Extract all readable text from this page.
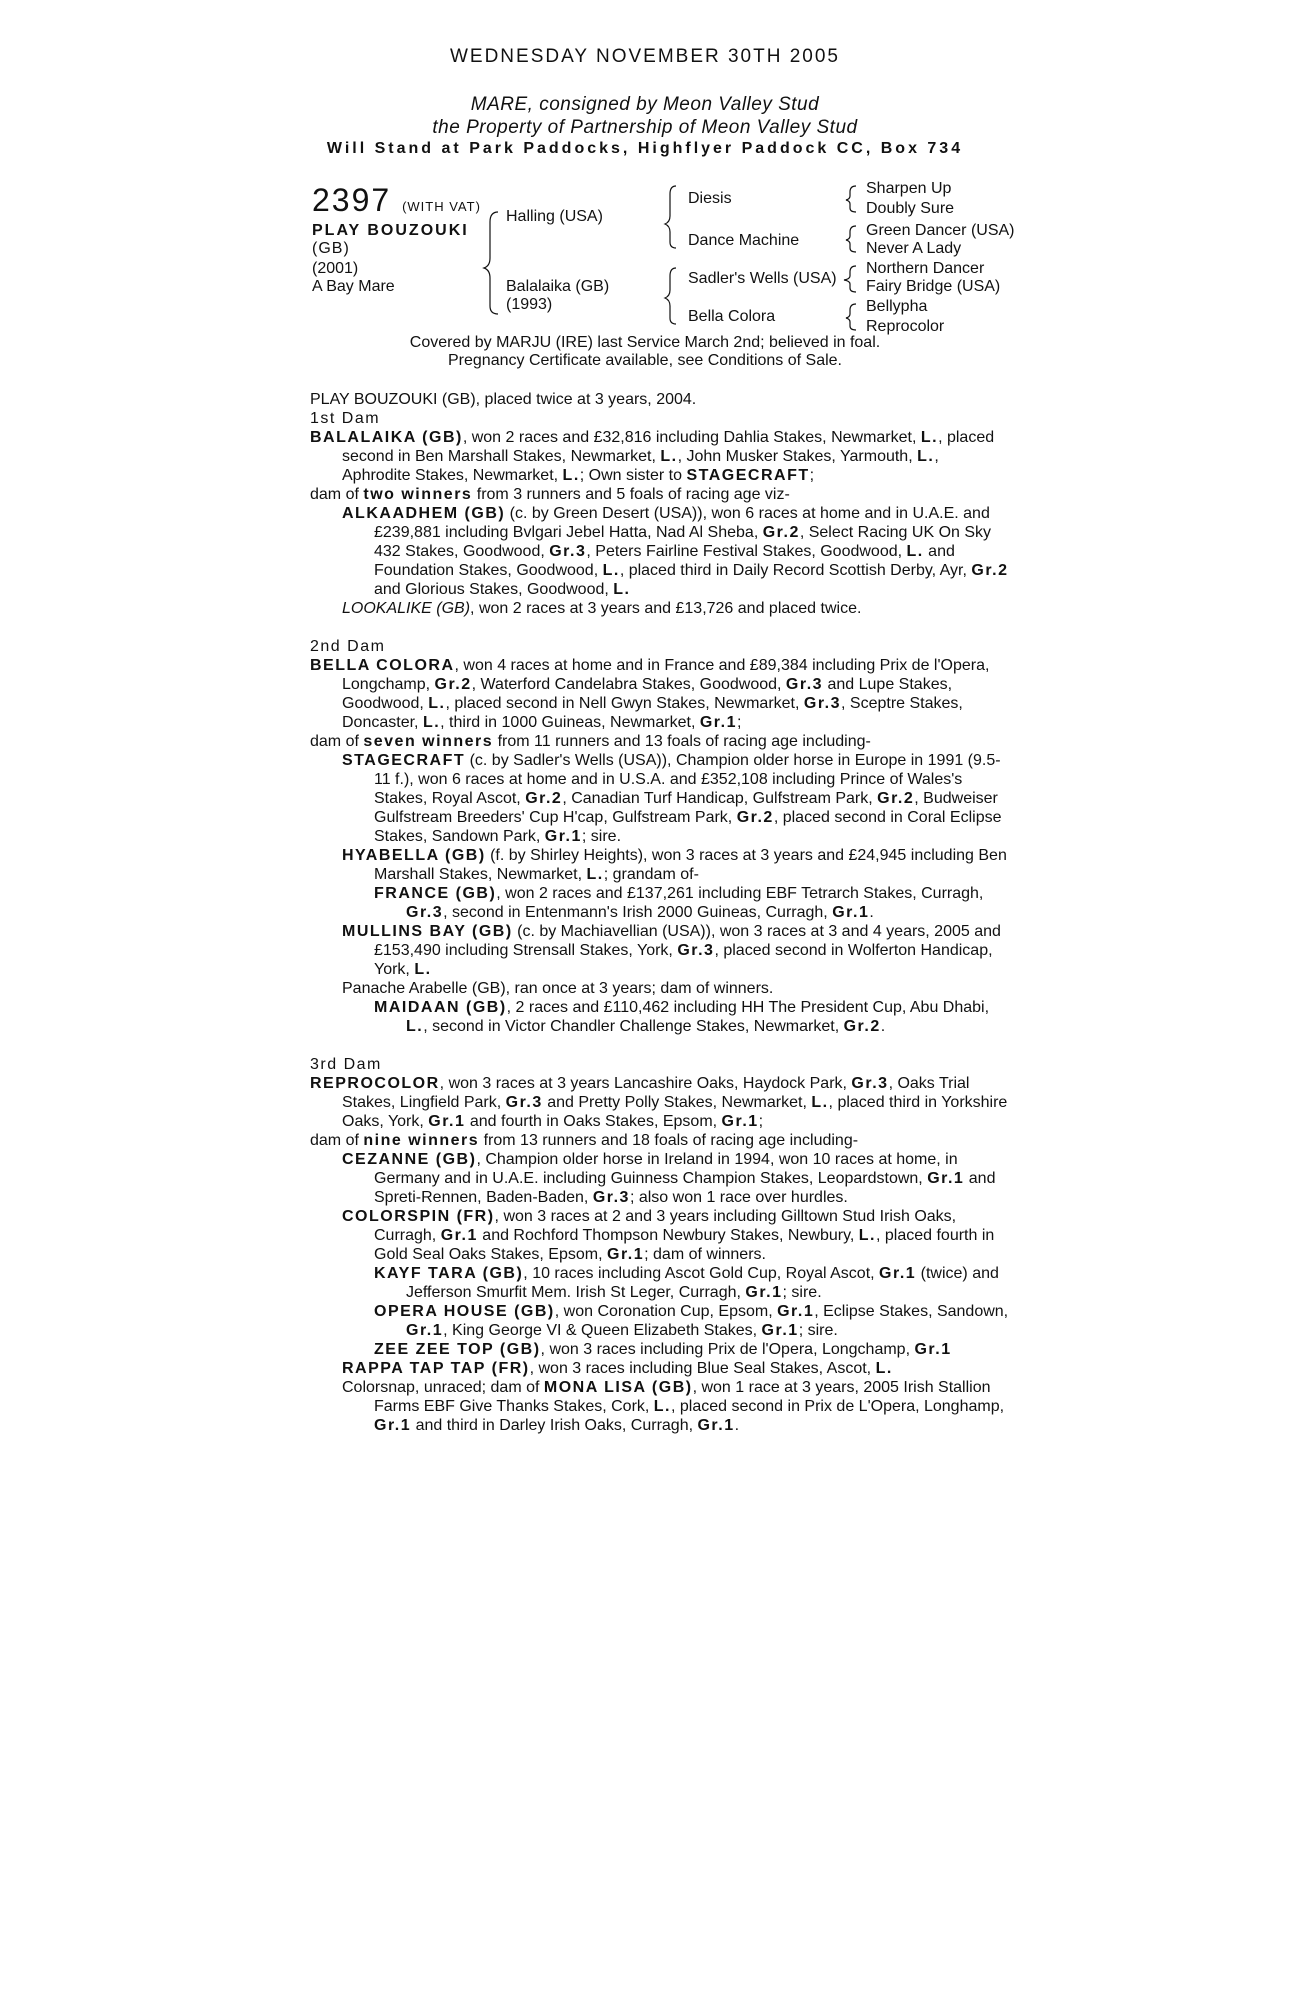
WEDNESDAY NOVEMBER 30TH 2005
MARE, consigned by Meon Valley Stud
the Property of Partnership of Meon Valley Stud
Will Stand at Park Paddocks, Highflyer Paddock CC, Box 734
2397 (WITH VAT)
PLAY BOUZOUKI
(GB)
(2001)
A Bay Mare
Halling (USA)
Balalaika (GB)
(1993)
Diesis
Dance Machine
Sadler's Wells (USA)
Bella Colora
Sharpen Up
Doubly Sure
Green Dancer (USA)
Never A Lady
Northern Dancer
Fairy Bridge (USA)
Bellypha
Reprocolor
Covered by MARJU (IRE) last Service March 2nd; believed in foal.
Pregnancy Certificate available, see Conditions of Sale.

PLAY BOUZOUKI (GB), placed twice at 3 years, 2004.

1st Dam

BALALAIKA (GB), won 2 races and £32,816 including Dahlia Stakes, Newmarket, L., placed second in Ben Marshall Stakes, Newmarket, L., John Musker Stakes, Yarmouth, L., Aphrodite Stakes, Newmarket, L.; Own sister to STAGECRAFT;

dam of two winners from 3 runners and 5 foals of racing age viz-

ALKAADHEM (GB) (c. by Green Desert (USA)), won 6 races at home and in U.A.E. and £239,881 including Bvlgari Jebel Hatta, Nad Al Sheba, Gr.2, Select Racing UK On Sky 432 Stakes, Goodwood, Gr.3, Peters Fairline Festival Stakes, Goodwood, L. and Foundation Stakes, Goodwood, L., placed third in Daily Record Scottish Derby, Ayr, Gr.2 and Glorious Stakes, Goodwood, L.

LOOKALIKE (GB), won 2 races at 3 years and £13,726 and placed twice.

2nd Dam

BELLA COLORA, won 4 races at home and in France and £89,384 including Prix de l'Opera, Longchamp, Gr.2, Waterford Candelabra Stakes, Goodwood, Gr.3 and Lupe Stakes, Goodwood, L., placed second in Nell Gwyn Stakes, Newmarket, Gr.3, Sceptre Stakes, Doncaster, L., third in 1000 Guineas, Newmarket, Gr.1;

dam of seven winners from 11 runners and 13 foals of racing age including-

STAGECRAFT (c. by Sadler's Wells (USA)), Champion older horse in Europe in 1991 (9.5-11 f.), won 6 races at home and in U.S.A. and £352,108 including Prince of Wales's Stakes, Royal Ascot, Gr.2, Canadian Turf Handicap, Gulfstream Park, Gr.2, Budweiser Gulfstream Breeders' Cup H'cap, Gulfstream Park, Gr.2, placed second in Coral Eclipse Stakes, Sandown Park, Gr.1; sire.

HYABELLA (GB) (f. by Shirley Heights), won 3 races at 3 years and £24,945 including Ben Marshall Stakes, Newmarket, L.; grandam of-

FRANCE (GB), won 2 races and £137,261 including EBF Tetrarch Stakes, Curragh, Gr.3, second in Entenmann's Irish 2000 Guineas, Curragh, Gr.1.

MULLINS BAY (GB) (c. by Machiavellian (USA)), won 3 races at 3 and 4 years, 2005 and £153,490 including Strensall Stakes, York, Gr.3, placed second in Wolferton Handicap, York, L.

Panache Arabelle (GB), ran once at 3 years; dam of winners.

MAIDAAN (GB), 2 races and £110,462 including HH The President Cup, Abu Dhabi, L., second in Victor Chandler Challenge Stakes, Newmarket, Gr.2.

3rd Dam

REPROCOLOR, won 3 races at 3 years Lancashire Oaks, Haydock Park, Gr.3, Oaks Trial Stakes, Lingfield Park, Gr.3 and Pretty Polly Stakes, Newmarket, L., placed third in Yorkshire Oaks, York, Gr.1 and fourth in Oaks Stakes, Epsom, Gr.1;

dam of nine winners from 13 runners and 18 foals of racing age including-

CEZANNE (GB), Champion older horse in Ireland in 1994, won 10 races at home, in Germany and in U.A.E. including Guinness Champion Stakes, Leopardstown, Gr.1 and Spreti-Rennen, Baden-Baden, Gr.3; also won 1 race over hurdles.

COLORSPIN (FR), won 3 races at 2 and 3 years including Gilltown Stud Irish Oaks, Curragh, Gr.1 and Rochford Thompson Newbury Stakes, Newbury, L., placed fourth in Gold Seal Oaks Stakes, Epsom, Gr.1; dam of winners.

KAYF TARA (GB), 10 races including Ascot Gold Cup, Royal Ascot, Gr.1 (twice) and Jefferson Smurfit Mem. Irish St Leger, Curragh, Gr.1; sire.

OPERA HOUSE (GB), won Coronation Cup, Epsom, Gr.1, Eclipse Stakes, Sandown, Gr.1, King George VI & Queen Elizabeth Stakes, Gr.1; sire.

ZEE ZEE TOP (GB), won 3 races including Prix de l'Opera, Longchamp, Gr.1

RAPPA TAP TAP (FR), won 3 races including Blue Seal Stakes, Ascot, L.

Colorsnap, unraced; dam of MONA LISA (GB), won 1 race at 3 years, 2005 Irish Stallion Farms EBF Give Thanks Stakes, Cork, L., placed second in Prix de L'Opera, Longhamp, Gr.1 and third in Darley Irish Oaks, Curragh, Gr.1.
